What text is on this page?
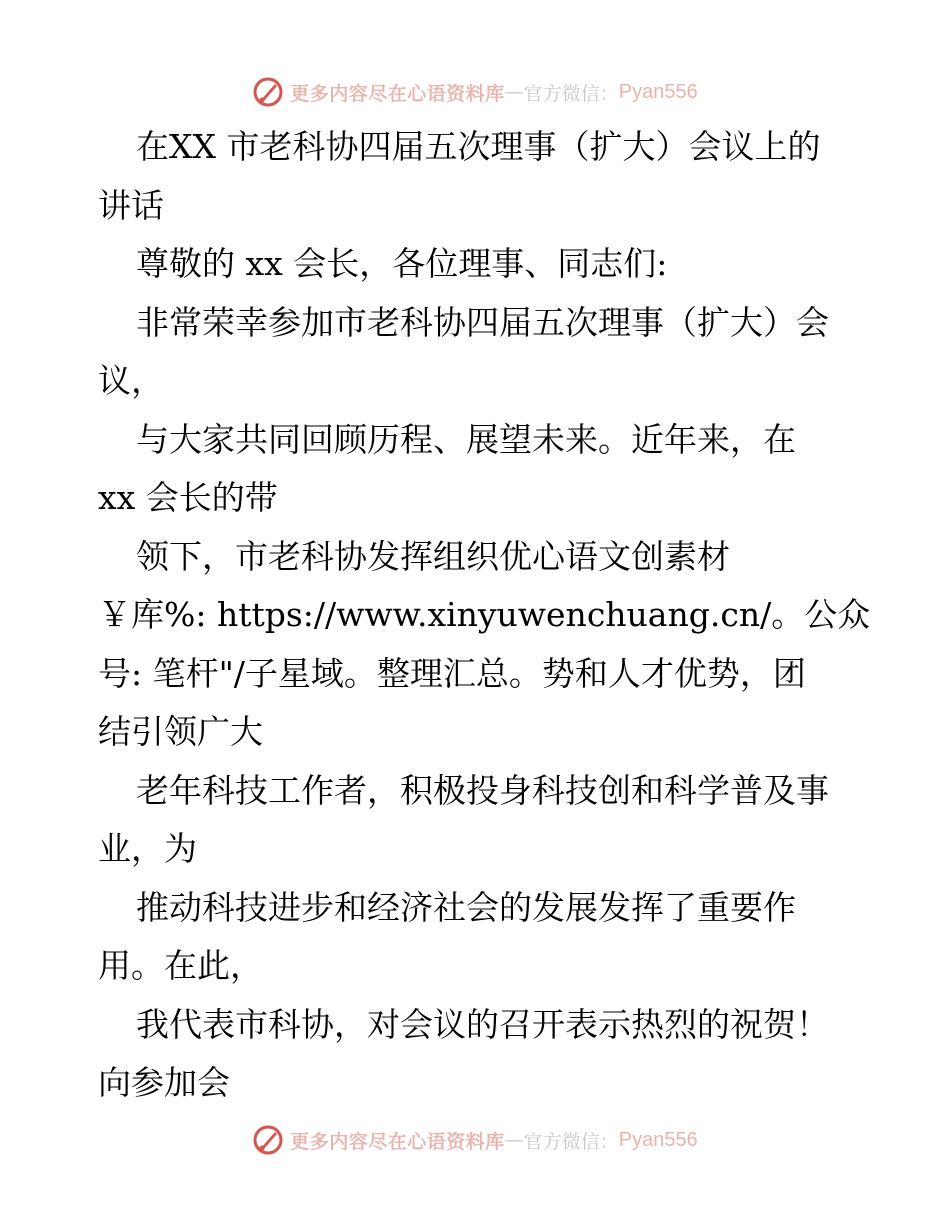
更多内容尽在心语资料库 — 官方微信： Pyan556
在XX 市老科协四届五次理事（扩大）会议上的
讲话
尊敬的 xx 会长，各位理事、同志们:
非常荣幸参加市老科协四届五次理事（扩大）会
议，
与大家共同回顾历程、展望未来。近年来，在
xx 会长的带
领下，市老科协发挥组织优心语文创素材
￥库%: https://www.xinyuwenchuang.cn/。公众
号: 笔杆"/子星域。整理汇总。势和人才优势，团
结引领广大
老年科技工作者，积极投身科技创和科学普及事
业，为
推动科技进步和经济社会的发展发挥了重要作
用。在此，
我代表市科协，对会议的召开表示热烈的祝贺！
向参加会
更多内容尽在心语资料库 — 官方微信： Pyan556
